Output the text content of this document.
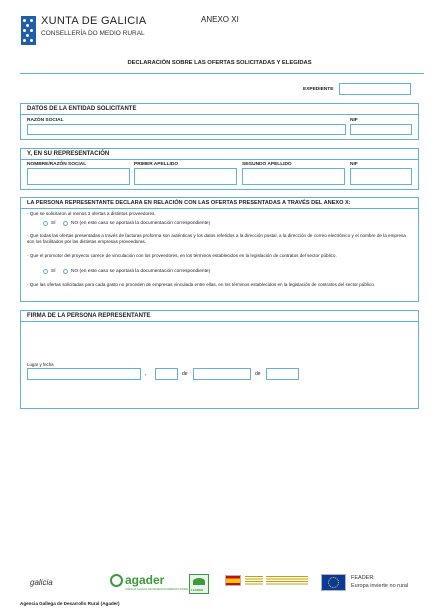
XUNTA DE GALICIA
CONSELLERÍA DO MEDIO RURAL
ANEXO XI
DECLARACIÓN SOBRE LAS OFERTAS SOLICITADAS Y ELEGIDAS
EXPEDIENTE
DATOS DE LA ENTIDAD SOLICITANTE
RAZÓN SOCIAL	NIF
Y, EN SU REPRESENTACIÓN
NOMBRE/RAZÓN SOCIAL	PRIMER APELLIDO	SEGUNDO APELLIDO	NIF
LA PERSONA REPRESENTANTE DECLARA EN RELACIÓN CON LAS OFERTAS PRESENTADAS A TRAVÉS DEL ANEXO X:
- Que se solicitaron al menos 3 ofertas a distintos proveedores.
SÍ	NO (en este caso se aportará la documentación correspondiente)
- Que todas las ofertas presentadas a través de facturas proforma son auténticas y los datos referidos a la dirección postal, a la dirección de correo electrónico y el nombre de la empresa son los facilitados por las distintas empresas proveedoras.
- Que el promotor del proyecto carece de vinculación con los proveedores, en los términos establecidos en la legislación de contratos del sector público.
SÍ	NO (en este caso se aportará la documentación correspondiente)
- Que las ofertas solicitadas para cada gasto no proceden de empresas vinculada entre ellas, en los términos establecidos en la legislación de contratos del sector público.
FIRMA DE LA PERSONA REPRESENTANTE
Lugar y fecha
,	de	de
galicia	agader
AXENCIA GALEGA DE DESENVOLVEMENTO RURAL LEADER
FEADER:
Europa invierte no rural
Agencia Gallega de Desarrollo Rural (Agader)
